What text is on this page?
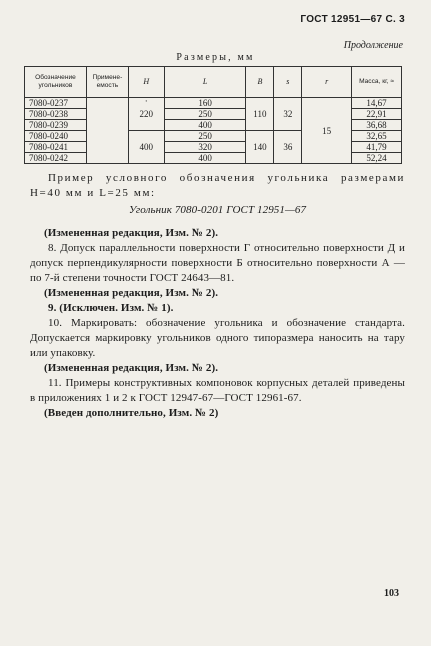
ГОСТ 12951—67 С. 3
Продолжение
Размеры, мм
Обозначение угольников	Примене-емость	H	L	B	s	r	Масса, кг, ≈
7080-0237		·	160	110	32	15	14,67
7080-0238		220	250				22,91
7080-0239			400				36,68
7080-0240		400	250	140	36		32,65
7080-0241			320				41,79
7080-0242			400				52,24

Пример условного обозначения угольника размерами H=40 мм и L=25 мм:

Угольник 7080-0201 ГОСТ 12951—67

(Измененная редакция, Изм. № 2).

8. Допуск параллельности поверхности Г относительно поверхности Д и допуск перпендикулярности поверхности Б относительно поверхности А — по 7-й степени точности ГОСТ 24643—81.

(Измененная редакция, Изм. № 2).

9. (Исключен. Изм. № 1).

10. Маркировать: обозначение угольника и обозначение стандарта. Допускается маркировку угольников одного типоразмера наносить на тару или упаковку.

(Измененная редакция, Изм. № 2).

11. Примеры конструктивных компоновок корпусных деталей приведены в приложениях 1 и 2 к ГОСТ 12947-67—ГОСТ 12961-67.

(Введен дополнительно, Изм. № 2)

103
